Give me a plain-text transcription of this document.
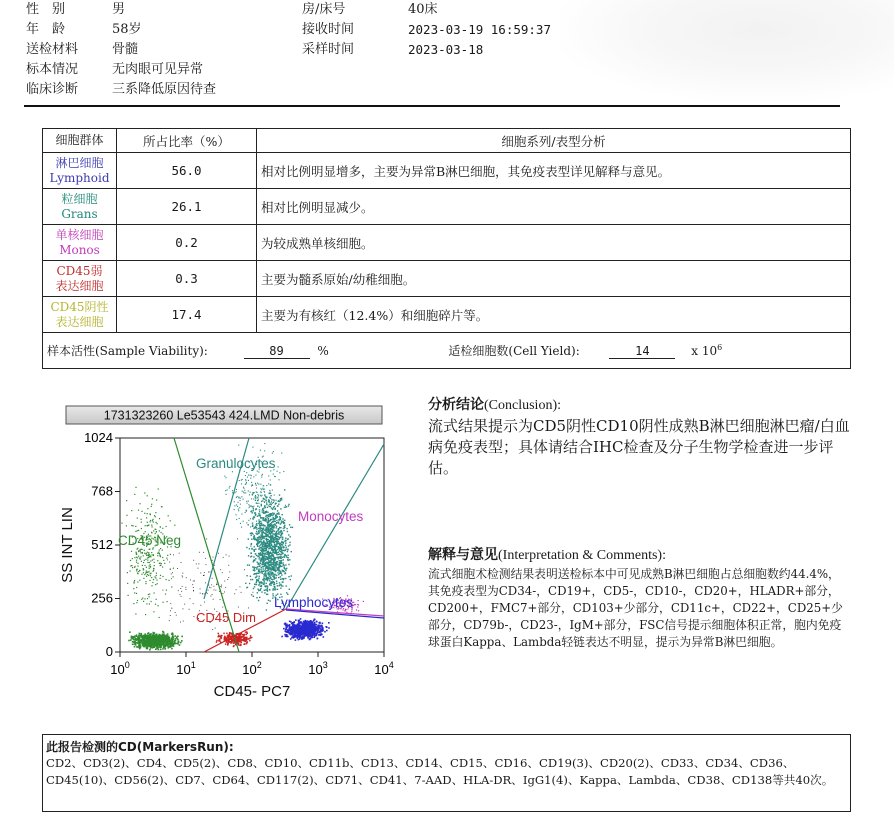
性　别	男
年　龄	58岁
送检材料	骨髓
标本情况	无肉眼可见异常
临床诊断	三系降低原因待查
房/床号	40床
接收时间	2023-03-19 16:59:37
采样时间	2023-03-18
细胞群体	所占比率（%）	细胞系列/表型分析

淋巴细胞
Lymphoid	56.0	相对比例明显增多，主要为异常B淋巴细胞，其免疫表型详见解释与意见。

粒细胞
Grans	26.1	相对比例明显减少。

单核细胞
Monos	0.2	为较成熟单核细胞。

CD45弱
表达细胞	0.3	主要为髓系原始/幼稚细胞。

CD45阴性
表达细胞	17.4	主要为有核红（12.4%）和细胞碎片等。
样本活性(Sample Viability): 89 % 适检细胞数(Cell Yield): 14 x $10^6$
1731323260 Le53543 424.LMD Non-debris
1024
768
512
256
0
$10^0$	$10^1$	$10^2$	$10^3$	$10^4$
SS INT LIN
CD45- PC7
Granulocytes
Monocytes
CD45 Neg
CD45 Dim
Lymphocytes
分析结论(Conclusion):

流式结果提示为CD5阴性CD10阴性成熟B淋巴细胞淋巴瘤/白血病免疫表型；具体请结合IHC检查及分子生物学检查进一步评估。

解释与意见(Interpretation & Comments):

流式细胞术检测结果表明送检标本中可见成熟B淋巴细胞占总细胞数约44.4%，其免疫表型为CD34-，CD19+，CD5-，CD10-，CD20+，HLADR+部分，CD200+，FMC7+部分，CD103+少部分，CD11c+，CD22+，CD25+少部分，CD79b-，CD23-，IgM+部分，FSC信号提示细胞体积正常，胞内免疫球蛋白Kappa、Lambda轻链表达不明显，提示为异常B淋巴细胞。

此报告检测的CD(MarkersRun):
CD2、CD3(2)、CD4、CD5(2)、CD8、CD10、CD11b、CD13、CD14、CD15、CD16、CD19(3)、CD20(2)、CD33、CD34、CD36、CD45(10)、CD56(2)、CD7、CD64、CD117(2)、CD71、CD41、7-AAD、HLA-DR、IgG1(4)、Kappa、Lambda、CD38、CD138等共40次。
